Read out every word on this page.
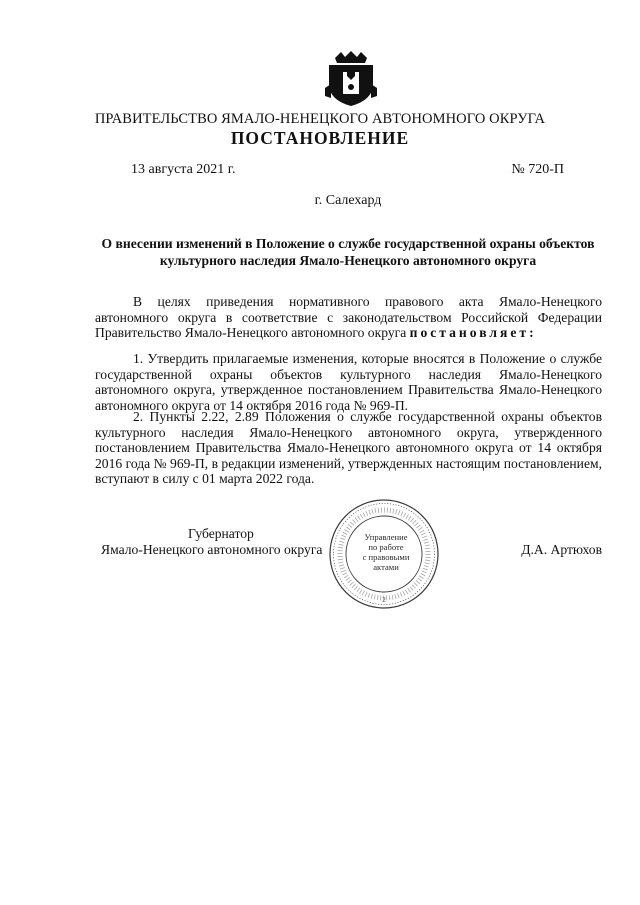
ПРАВИТЕЛЬСТВО ЯМАЛО-НЕНЕЦКОГО АВТОНОМНОГО ОКРУГА
ПОСТАНОВЛЕНИЕ
13 августа 2021 г.	№ 720-П
г. Салехард
О внесении изменений в Положение о службе государственной охраны объектов культурного наследия Ямало-Ненецкого автономного округа
В целях приведения нормативного правового акта Ямало-Ненецкого автономного округа в соответствие с законодательством Российской Федерации Правительство Ямало-Ненецкого автономного округа постановляет:
1. Утвердить прилагаемые изменения, которые вносятся в Положение о службе государственной охраны объектов культурного наследия Ямало-Ненецкого автономного округа, утвержденное постановлением Правительства Ямало-Ненецкого автономного округа от 14 октября 2016 года № 969-П.
2. Пункты 2.22, 2.89 Положения о службе государственной охраны объектов культурного наследия Ямало-Ненецкого автономного округа, утвержденного постановлением Правительства Ямало-Ненецкого автономного округа от 14 октября 2016 года № 969-П, в редакции изменений, утвержденных настоящим постановлением, вступают в силу с 01 марта 2022 года.
Губернатор
Ямало-Ненецкого автономного округа	Д.А. Артюхов
2
Управление
по работе
с правовыми
актами
